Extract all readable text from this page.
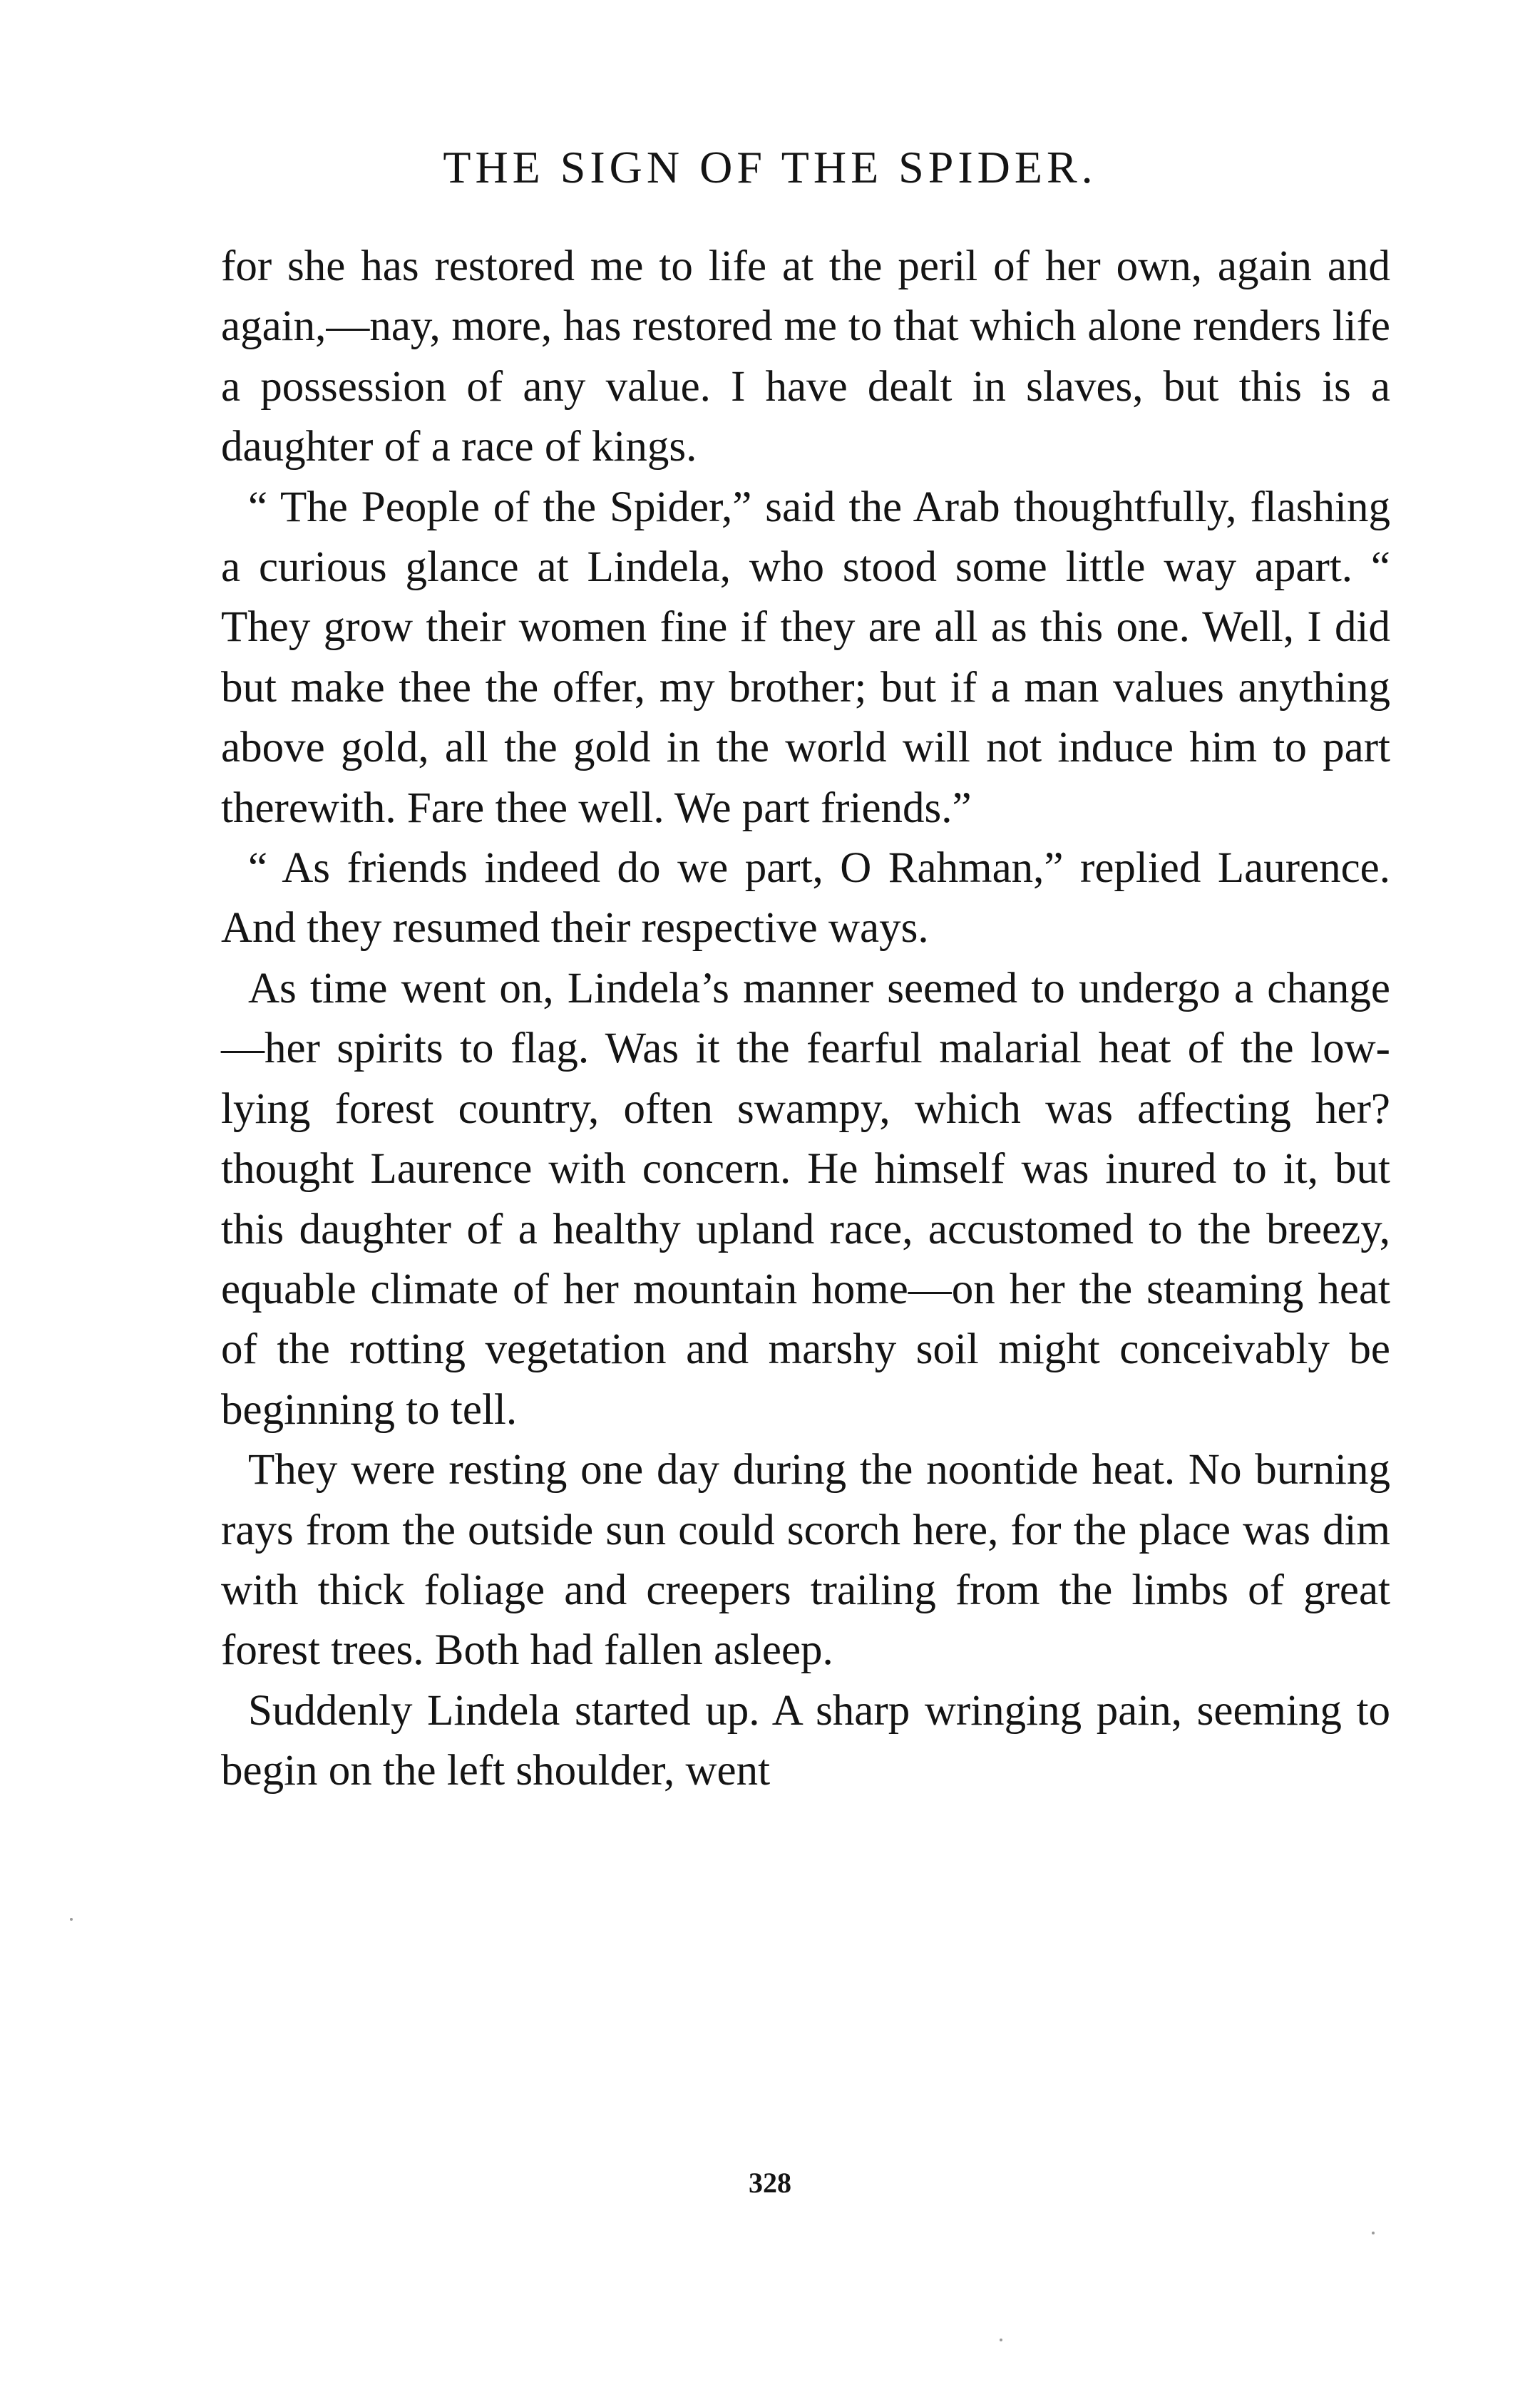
THE SIGN OF THE SPIDER.

for she has restored me to life at the peril of her own, again and again,—nay, more, has restored me to that which alone renders life a possession of any value. I have dealt in slaves, but this is a daughter of a race of kings.

“ The People of the Spider,” said the Arab thoughtfully, flashing a curious glance at Lindela, who stood some little way apart. “ They grow their women fine if they are all as this one. Well, I did but make thee the offer, my brother; but if a man values anything above gold, all the gold in the world will not induce him to part therewith. Fare thee well. We part friends.”

“ As friends indeed do we part, O Rahman,” replied Laurence. And they resumed their respective ways.

As time went on, Lindela’s manner seemed to undergo a change—her spirits to flag. Was it the fearful malarial heat of the low-lying forest country, often swampy, which was affecting her? thought Laurence with concern. He himself was inured to it, but this daughter of a healthy upland race, accustomed to the breezy, equable climate of her mountain home—on her the steaming heat of the rotting vegetation and marshy soil might conceivably be beginning to tell.

They were resting one day during the noontide heat. No burning rays from the outside sun could scorch here, for the place was dim with thick foliage and creepers trailing from the limbs of great forest trees. Both had fallen asleep.

Suddenly Lindela started up. A sharp wringing pain, seeming to begin on the left shoulder, went

328
